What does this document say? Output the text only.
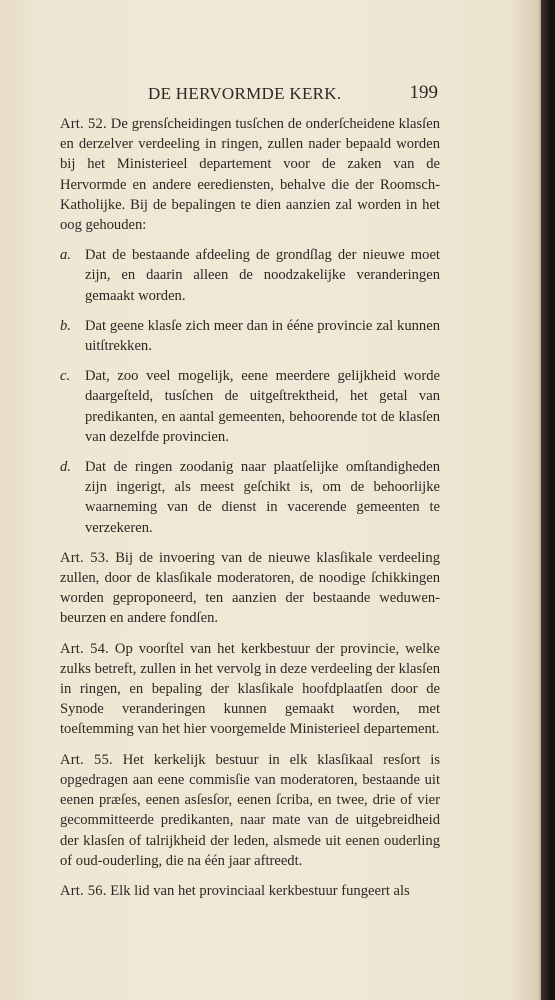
DE HERVORMDE KERK.	199

Art. 52. De grensſcheidingen tusſchen de onderſcheidene klasſen en derzelver verdeeling in ringen, zullen nader bepaald worden bij het Ministerieel departement voor de zaken van de Hervormde en andere eerediensten, behalve die der Roomsch-Katholijke. Bij de bepalingen te dien aanzien zal worden in het oog gehouden:

a. Dat de bestaande afdeeling de grondſlag der nieuwe moet zijn, en daarin alleen de noodzakelijke veranderingen gemaakt worden.
b. Dat geene klasſe zich meer dan in ééne provincie zal kunnen uitſtrekken.
c.	Dat, zoo veel mogelijk, eene meerdere gelijkheid worde daargeſteld, tusſchen de uitgeſtrektheid, het getal van predikanten, en aantal gemeenten, behoorende tot de klasſen van dezelfde provincien.
d. Dat de ringen zoodanig naar plaatſelijke omſtandigheden zijn ingerigt, als meest geſchikt is, om de behoorlijke waarneming van de dienst in vacerende gemeenten te verzekeren.

Art. 53. Bij de invoering van de nieuwe klasſikale verdeeling zullen, door de klasſikale moderatoren, de noodige ſchikkingen worden geproponeerd, ten aanzien der bestaande weduwen-beurzen en andere fondſen.

Art. 54. Op voorſtel van het kerkbestuur der provincie, welke zulks betreft, zullen in het vervolg in deze verdeeling der klasſen in ringen, en bepaling der klasſikale hoofdplaatſen door de Synode veranderingen kunnen gemaakt worden, met toeſtemming van het hier voorgemelde Ministerieel departement.

Art. 55. Het kerkelijk bestuur in elk klasſikaal resſort is opgedragen aan eene commisſie van moderatoren, bestaande uit eenen præſes, eenen asſesſor, eenen ſcriba, en twee, drie of vier gecommitteerde predikanten, naar mate van de uitgebreidheid der klasſen of talrijkheid der leden, alsmede uit eenen ouderling of oud-ouderling, die na één jaar aftreedt.

Art. 56. Elk lid van het provinciaal kerkbestuur fungeert als
